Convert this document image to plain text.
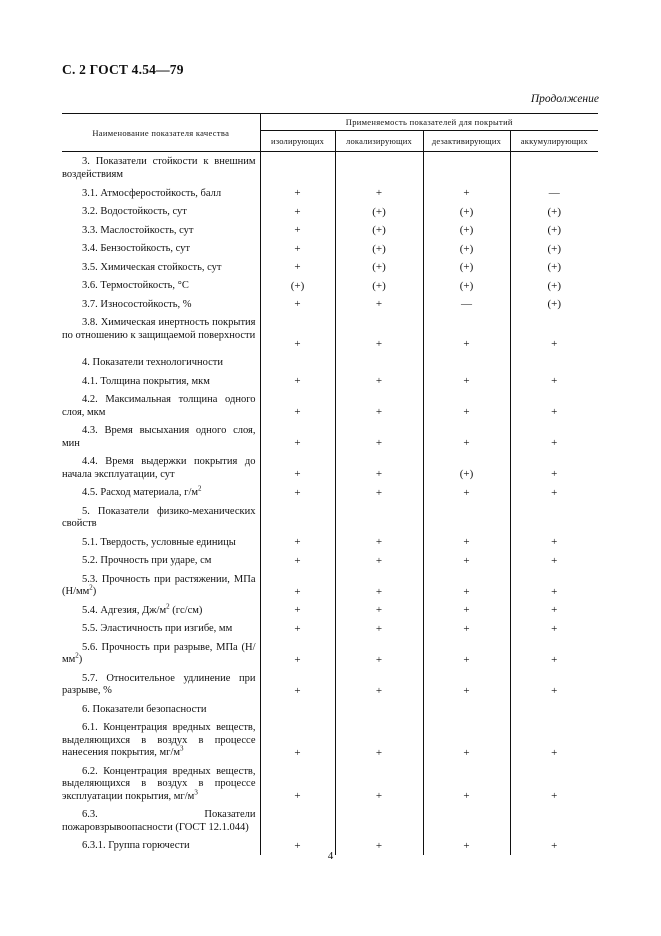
С. 2 ГОСТ 4.54—79
Продолжение
Наименование показателя качества	Применяемость показателей для покрытий			
	изолирующих	локализирующих	дезактивирующих	аккумулирующих

3. Показатели стойкости к внешним воздействиям				

3.1. Атмосферостойкость, балл	+	+	+	—

3.2. Водостойкость, сут	+	(+)	(+)	(+)

3.3. Маслостойкость, сут	+	(+)	(+)	(+)

3.4. Бензостойкость, сут	+	(+)	(+)	(+)

3.5. Химическая стойкость, сут	+	(+)	(+)	(+)

3.6. Термостойкость, °С	(+)	(+)	(+)	(+)

3.7. Износостойкость, %	+	+	—	(+)

3.8. Химическая инертность покрытия по отношению к защищаемой поверхности	+	+	+	+

4. Показатели технологичности				

4.1. Толщина покрытия, мкм	+	+	+	+

4.2. Максимальная толщина одного слоя, мкм	+	+	+	+

4.3. Время высыхания одного слоя, мин	+	+	+	+

4.4. Время выдержки покрытия до начала эксплуатации, сут	+	+	(+)	+

4.5. Расход материала, $г/м^2$	+	+	+	+

5. Показатели физико-механических свойств				

5.1. Твердость, условные единицы	+	+	+	+

5.2. Прочность при ударе, см	+	+	+	+

5.3. Прочность при растяжении, МПа $(Н/мм^2)$	+	+	+	+

5.4. Адгезия, $Дж/м^2$ (гс/см)	+	+	+	+

5.5. Эластичность при изгибе, мм	+	+	+	+

5.6. Прочность при разрыве, МПа $(Н/мм^2)$	+	+	+	+

5.7. Относительное удлинение при разрыве, %	+	+	+	+

6. Показатели безопасности				

6.1. Концентрация вредных веществ, выделяющихся в воздух в процессе нанесения покрытия, $мг/м^3$	+	+	+	+

6.2. Концентрация вредных веществ, выделяющихся в воздух в процессе эксплуатации покрытия, $мг/м^3$	+	+	+	+

6.3. Показатели пожаровзрывоопасности (ГОСТ 12.1.044)				

6.3.1. Группа горючести	+	+	+	+
4
